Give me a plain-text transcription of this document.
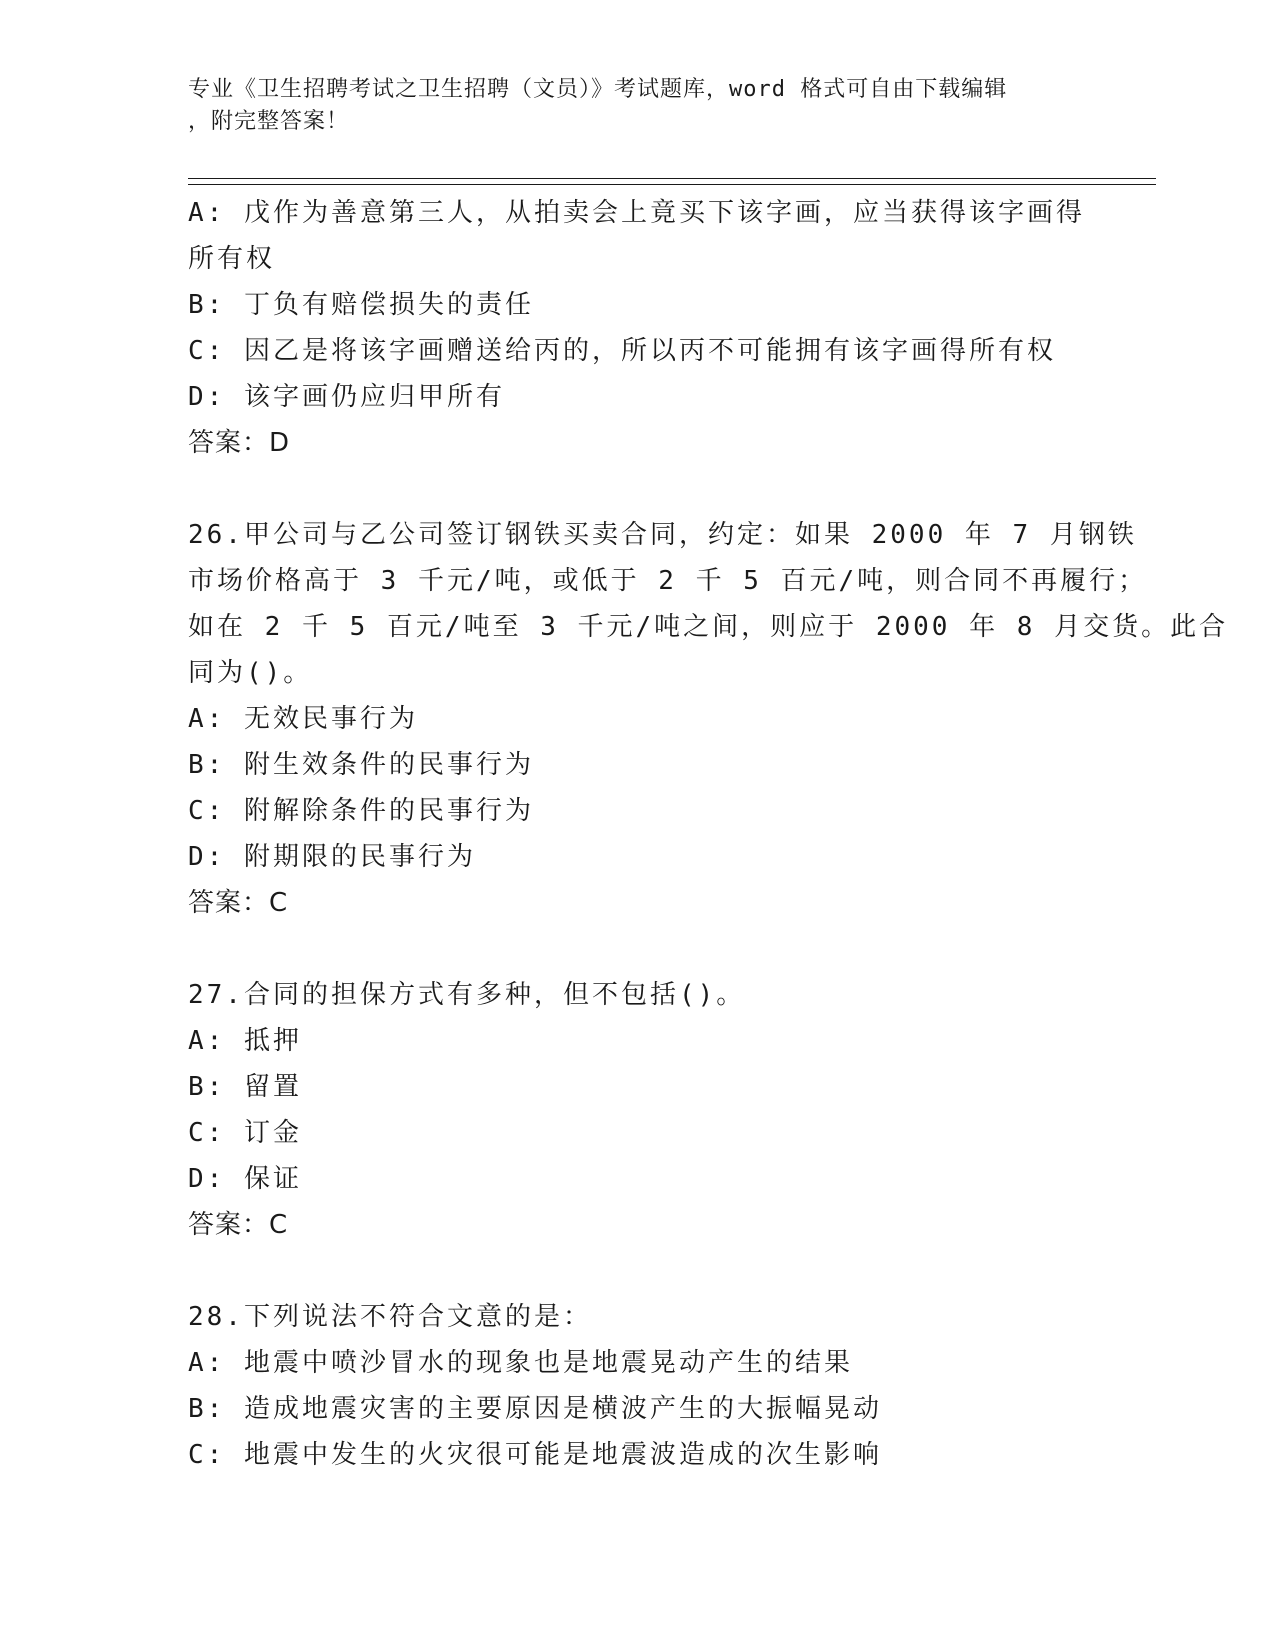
专业《卫生招聘考试之卫生招聘（文员）》考试题库，word 格式可自由下载编辑
，附完整答案！
A: 戊作为善意第三人，从拍卖会上竟买下该字画，应当获得该字画得
所有权
B: 丁负有赔偿损失的责任
C: 因乙是将该字画赠送给丙的，所以丙不可能拥有该字画得所有权
D: 该字画仍应归甲所有
答案：D
26.甲公司与乙公司签订钢铁买卖合同，约定：如果 2000 年 7 月钢铁
市场价格高于 3 千元/吨，或低于 2 千 5 百元/吨，则合同不再履行；
如在 2 千 5 百元/吨至 3 千元/吨之间，则应于 2000 年 8 月交货。此合
同为()。
A: 无效民事行为
B: 附生效条件的民事行为
C: 附解除条件的民事行为
D: 附期限的民事行为
答案：C
27.合同的担保方式有多种，但不包括()。
A: 抵押
B: 留置
C: 订金
D: 保证
答案：C
28.下列说法不符合文意的是：
A: 地震中喷沙冒水的现象也是地震晃动产生的结果
B: 造成地震灾害的主要原因是横波产生的大振幅晃动
C: 地震中发生的火灾很可能是地震波造成的次生影响
